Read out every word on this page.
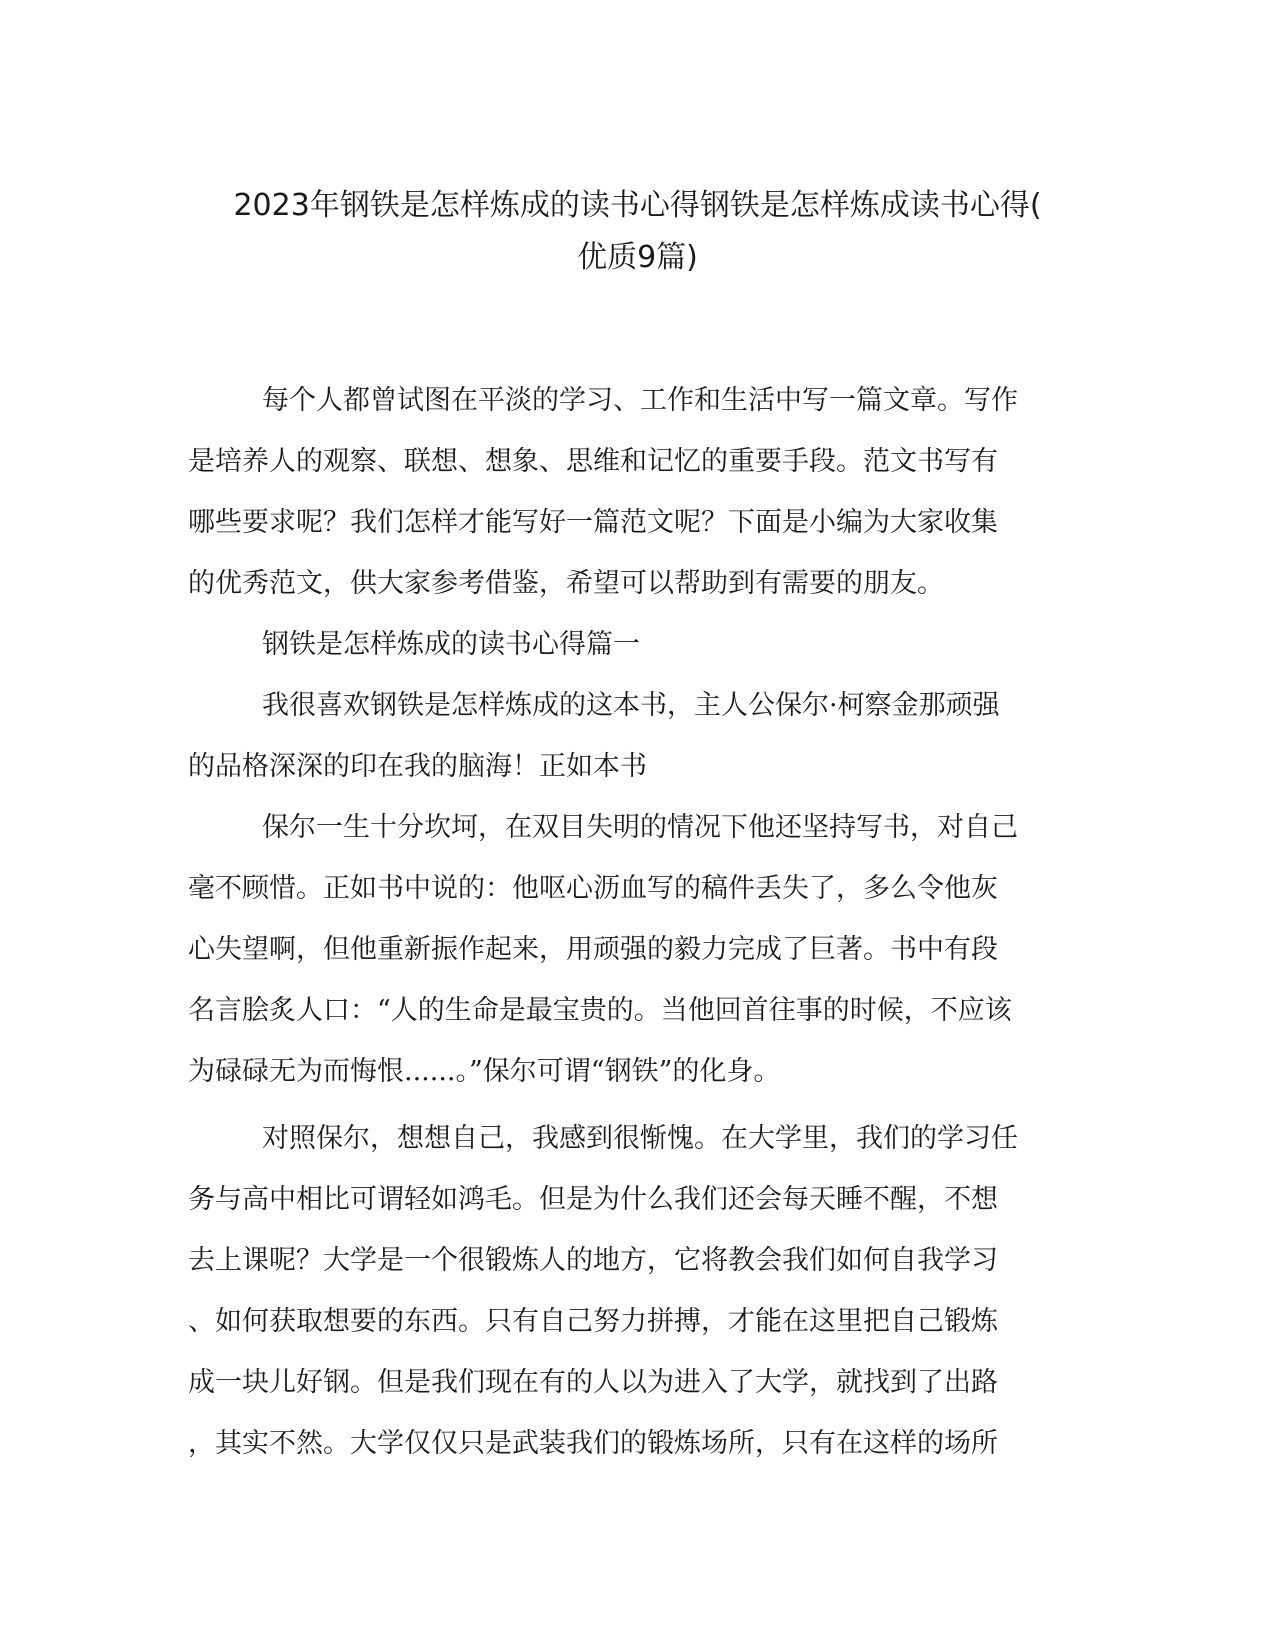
2023年钢铁是怎样炼成的读书心得钢铁是怎样炼成读书心得(
优质9篇)

每个人都曾试图在平淡的学习、工作和生活中写一篇文章。写作
是培养人的观察、联想、想象、思维和记忆的重要手段。范文书写有
哪些要求呢？我们怎样才能写好一篇范文呢？下面是小编为大家收集
的优秀范文，供大家参考借鉴，希望可以帮助到有需要的朋友。

钢铁是怎样炼成的读书心得篇一

我很喜欢钢铁是怎样炼成的这本书，主人公保尔·柯察金那顽强
的品格深深的印在我的脑海！正如本书

保尔一生十分坎坷，在双目失明的情况下他还坚持写书，对自己
毫不顾惜。正如书中说的：他呕心沥血写的稿件丢失了，多么令他灰
心失望啊，但他重新振作起来，用顽强的毅力完成了巨著。书中有段
名言脍炙人口：“人的生命是最宝贵的。当他回首往事的时候，不应该
为碌碌无为而悔恨......。”保尔可谓“钢铁”的化身。

对照保尔，想想自己，我感到很惭愧。在大学里，我们的学习任
务与高中相比可谓轻如鸿毛。但是为什么我们还会每天睡不醒，不想
去上课呢？大学是一个很锻炼人的地方，它将教会我们如何自我学习
、如何获取想要的东西。只有自己努力拼搏，才能在这里把自己锻炼
成一块儿好钢。但是我们现在有的人以为进入了大学，就找到了出路
，其实不然。大学仅仅只是武装我们的锻炼场所，只有在这样的场所
